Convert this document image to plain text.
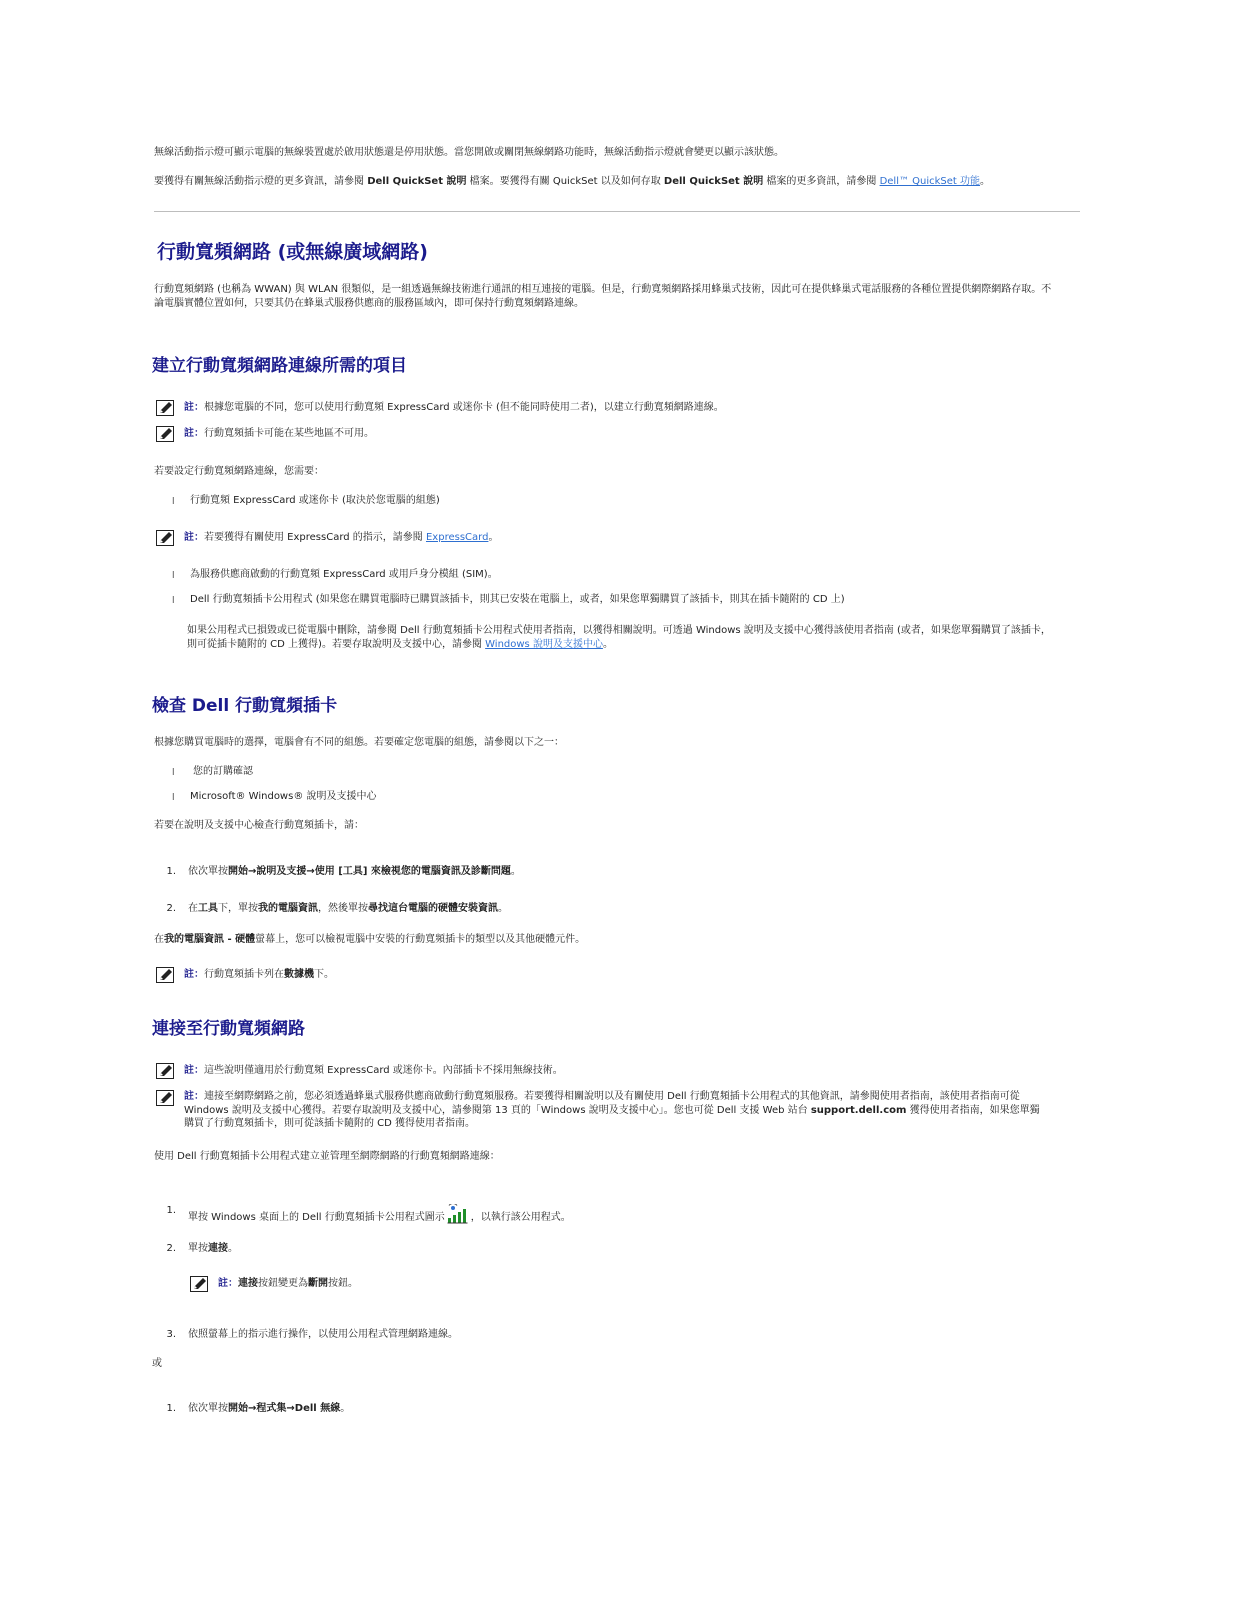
無線活動指示燈可顯示電腦的無線裝置處於啟用狀態還是停用狀態。當您開啟或關閉無線網路功能時，無線活動指示燈就會變更以顯示該狀態。

要獲得有關無線活動指示燈的更多資訊，請參閱 Dell QuickSet 說明 檔案。要獲得有關 QuickSet 以及如何存取 Dell QuickSet 說明 檔案的更多資訊，請參閱 Dell™ QuickSet 功能。

行動寬頻網路 (或無線廣域網路)

行動寬頻網路 (也稱為 WWAN) 與 WLAN 很類似，是一組透過無線技術進行通訊的相互連接的電腦。但是，行動寬頻網路採用蜂巢式技術，因此可在提供蜂巢式電話服務的各種位置提供網際網路存取。不論電腦實體位置如何，只要其仍在蜂巢式服務供應商的服務區域內，即可保持行動寬頻網路連線。

建立行動寬頻網路連線所需的項目

註：根據您電腦的不同，您可以使用行動寬頻 ExpressCard 或迷你卡 (但不能同時使用二者)，以建立行動寬頻網路連線。

註：行動寬頻插卡可能在某些地區不可用。

若要設定行動寬頻網路連線，您需要：

l 行動寬頻 ExpressCard 或迷你卡 (取決於您電腦的組態)

註：若要獲得有關使用 ExpressCard 的指示，請參閱 ExpressCard。

l 為服務供應商啟動的行動寬頻 ExpressCard 或用戶身分模組 (SIM)。

l Dell 行動寬頻插卡公用程式 (如果您在購買電腦時已購買該插卡，則其已安裝在電腦上，或者，如果您單獨購買了該插卡，則其在插卡隨附的 CD 上)

如果公用程式已損毀或已從電腦中刪除，請參閱 Dell 行動寬頻插卡公用程式使用者指南，以獲得相關說明。可透過 Windows 說明及支援中心獲得該使用者指南 (或者，如果您單獨購買了該插卡，則可從插卡隨附的 CD 上獲得)。若要存取說明及支援中心，請參閱 Windows 說明及支援中心。

檢查 Dell 行動寬頻插卡

根據您購買電腦時的選擇，電腦會有不同的組態。若要確定您電腦的組態，請參閱以下之一：

l 您的訂購確認

l Microsoft® Windows® 說明及支援中心

若要在說明及支援中心檢查行動寬頻插卡，請：

1. 依次單按開始→說明及支援→使用 [工具] 來檢視您的電腦資訊及診斷問題。

2. 在工具下，單按我的電腦資訊，然後單按尋找這台電腦的硬體安裝資訊。

在我的電腦資訊 - 硬體螢幕上，您可以檢視電腦中安裝的行動寬頻插卡的類型以及其他硬體元件。

註：行動寬頻插卡列在數據機下。

連接至行動寬頻網路

註：這些說明僅適用於行動寬頻 ExpressCard 或迷你卡。內部插卡不採用無線技術。

註：連接至網際網路之前，您必須透過蜂巢式服務供應商啟動行動寬頻服務。若要獲得相關說明以及有關使用 Dell 行動寬頻插卡公用程式的其他資訊，請參閱使用者指南，該使用者指南可從 Windows 說明及支援中心獲得。若要存取說明及支援中心，請參閱第 13 頁的「Windows 說明及支援中心」。您也可從 Dell 支援 Web 站台 support.dell.com 獲得使用者指南，如果您單獨購買了行動寬頻插卡，則可從該插卡隨附的 CD 獲得使用者指南。

使用 Dell 行動寬頻插卡公用程式建立並管理至網際網路的行動寬頻網路連線：

1.

單按 Windows 桌面上的 Dell 行動寬頻插卡公用程式圖示	，以執行該公用程式。

2. 單按連接。

註：連接按鈕變更為斷開按鈕。

3. 依照螢幕上的指示進行操作，以使用公用程式管理網路連線。

或

1. 依次單按開始→程式集→Dell 無線。
